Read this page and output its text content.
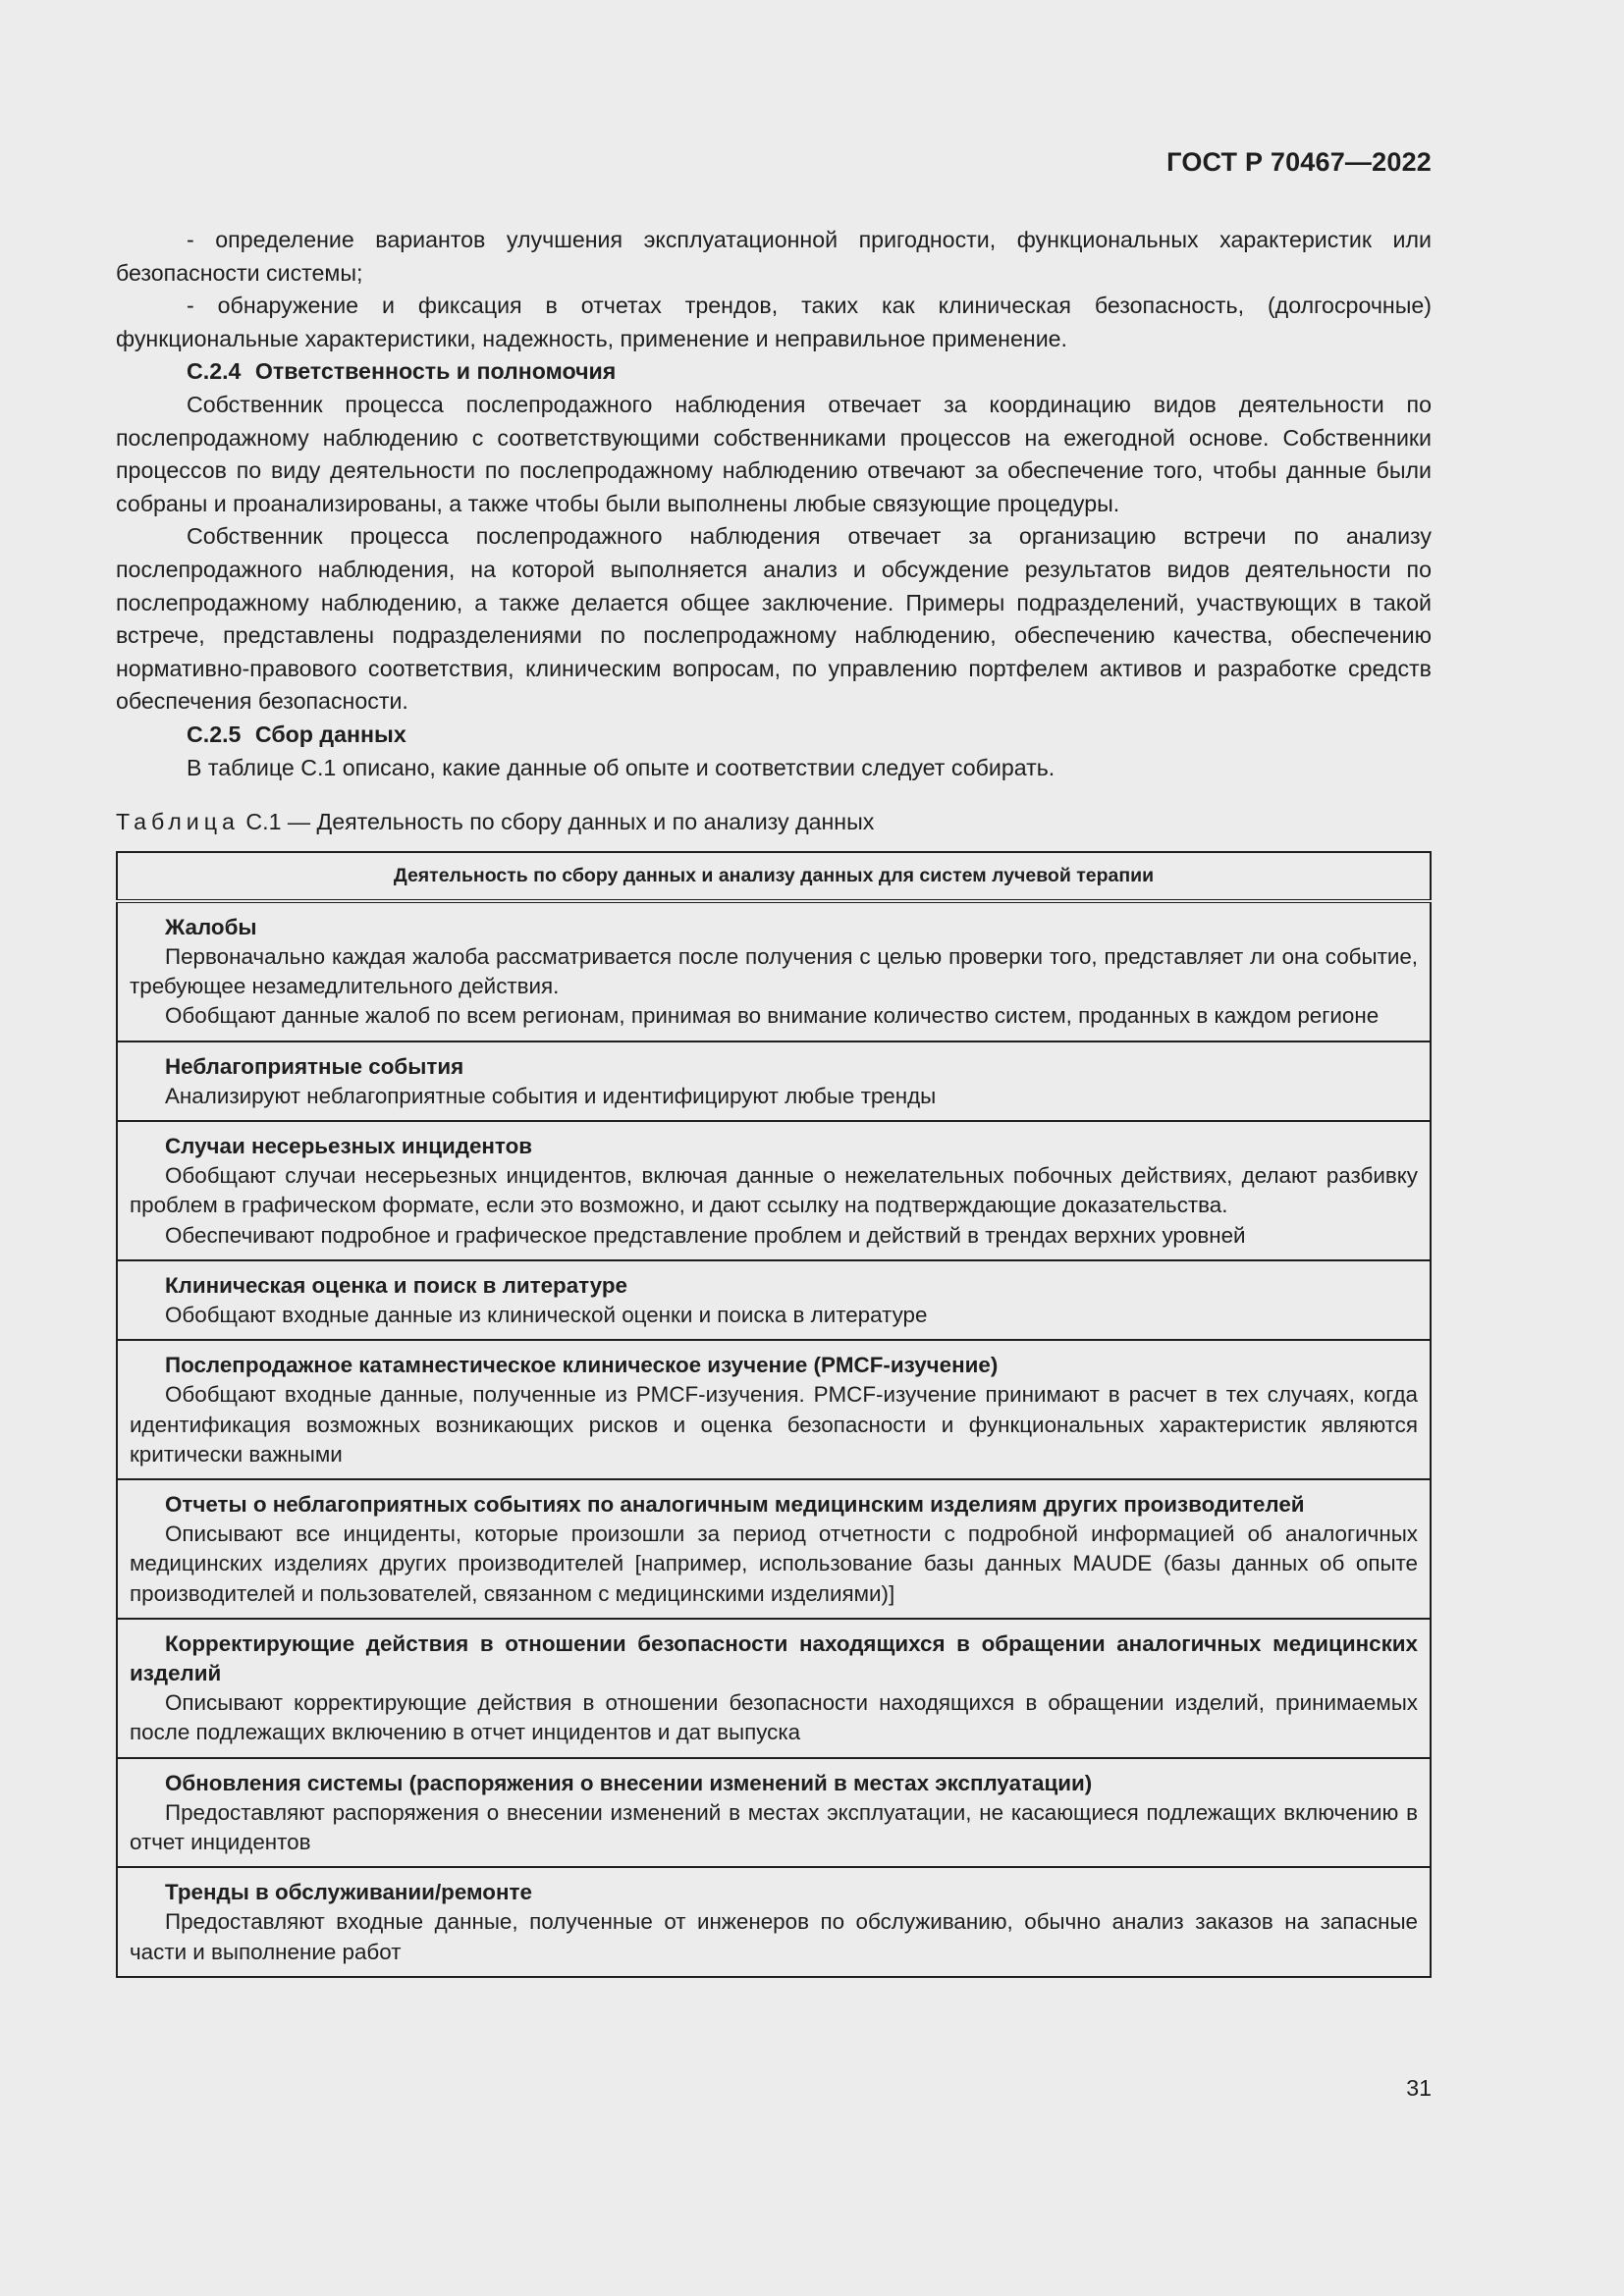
ГОСТ Р 70467—2022

- определение вариантов улучшения эксплуатационной пригодности, функциональных характеристик или безопасности системы;

- обнаружение и фиксация в отчетах трендов, таких как клиническая безопасность, (долгосрочные) функциональные характеристики, надежность, применение и неправильное применение.

С.2.4 Ответственность и полномочия

Собственник процесса послепродажного наблюдения отвечает за координацию видов деятельности по послепродажному наблюдению с соответствующими собственниками процессов на ежегодной основе. Собственники процессов по виду деятельности по послепродажному наблюдению отвечают за обеспечение того, чтобы данные были собраны и проанализированы, а также чтобы были выполнены любые связующие процедуры.

Собственник процесса послепродажного наблюдения отвечает за организацию встречи по анализу послепродажного наблюдения, на которой выполняется анализ и обсуждение результатов видов деятельности по послепродажному наблюдению, а также делается общее заключение. Примеры подразделений, участвующих в такой встрече, представлены подразделениями по послепродажному наблюдению, обеспечению качества, обеспечению нормативно-правового соответствия, клиническим вопросам, по управлению портфелем активов и разработке средств обеспечения безопасности.

С.2.5 Сбор данных

В таблице С.1 описано, какие данные об опыте и соответствии следует собирать.

Таблица С.1 — Деятельность по сбору данных и по анализу данных
Деятельность по сбору данных и анализу данных для систем лучевой терапии

Жалобы
Первоначально каждая жалоба рассматривается после получения с целью проверки того, представляет ли она событие, требующее незамедлительного действия.
Обобщают данные жалоб по всем регионам, принимая во внимание количество систем, проданных в каждом регионе

Неблагоприятные события
Анализируют неблагоприятные события и идентифицируют любые тренды

Случаи несерьезных инцидентов
Обобщают случаи несерьезных инцидентов, включая данные о нежелательных побочных действиях, делают разбивку проблем в графическом формате, если это возможно, и дают ссылку на подтверждающие доказательства.
Обеспечивают подробное и графическое представление проблем и действий в трендах верхних уровней

Клиническая оценка и поиск в литературе
Обобщают входные данные из клинической оценки и поиска в литературе

Послепродажное катамнестическое клиническое изучение (PMCF-изучение)
Обобщают входные данные, полученные из PMCF-изучения. PMCF-изучение принимают в расчет в тех случаях, когда идентификация возможных возникающих рисков и оценка безопасности и функциональных характеристик являются критически важными

Отчеты о неблагоприятных событиях по аналогичным медицинским изделиям других производителей
Описывают все инциденты, которые произошли за период отчетности с подробной информацией об аналогичных медицинских изделиях других производителей [например, использование базы данных MAUDE (базы данных об опыте производителей и пользователей, связанном с медицинскими изделиями)]

Корректирующие действия в отношении безопасности находящихся в обращении аналогичных медицинских изделий
Описывают корректирующие действия в отношении безопасности находящихся в обращении изделий, принимаемых после подлежащих включению в отчет инцидентов и дат выпуска

Обновления системы (распоряжения о внесении изменений в местах эксплуатации)
Предоставляют распоряжения о внесении изменений в местах эксплуатации, не касающиеся подлежащих включению в отчет инцидентов

Тренды в обслуживании/ремонте
Предоставляют входные данные, полученные от инженеров по обслуживанию, обычно анализ заказов на запасные части и выполнение работ
31
